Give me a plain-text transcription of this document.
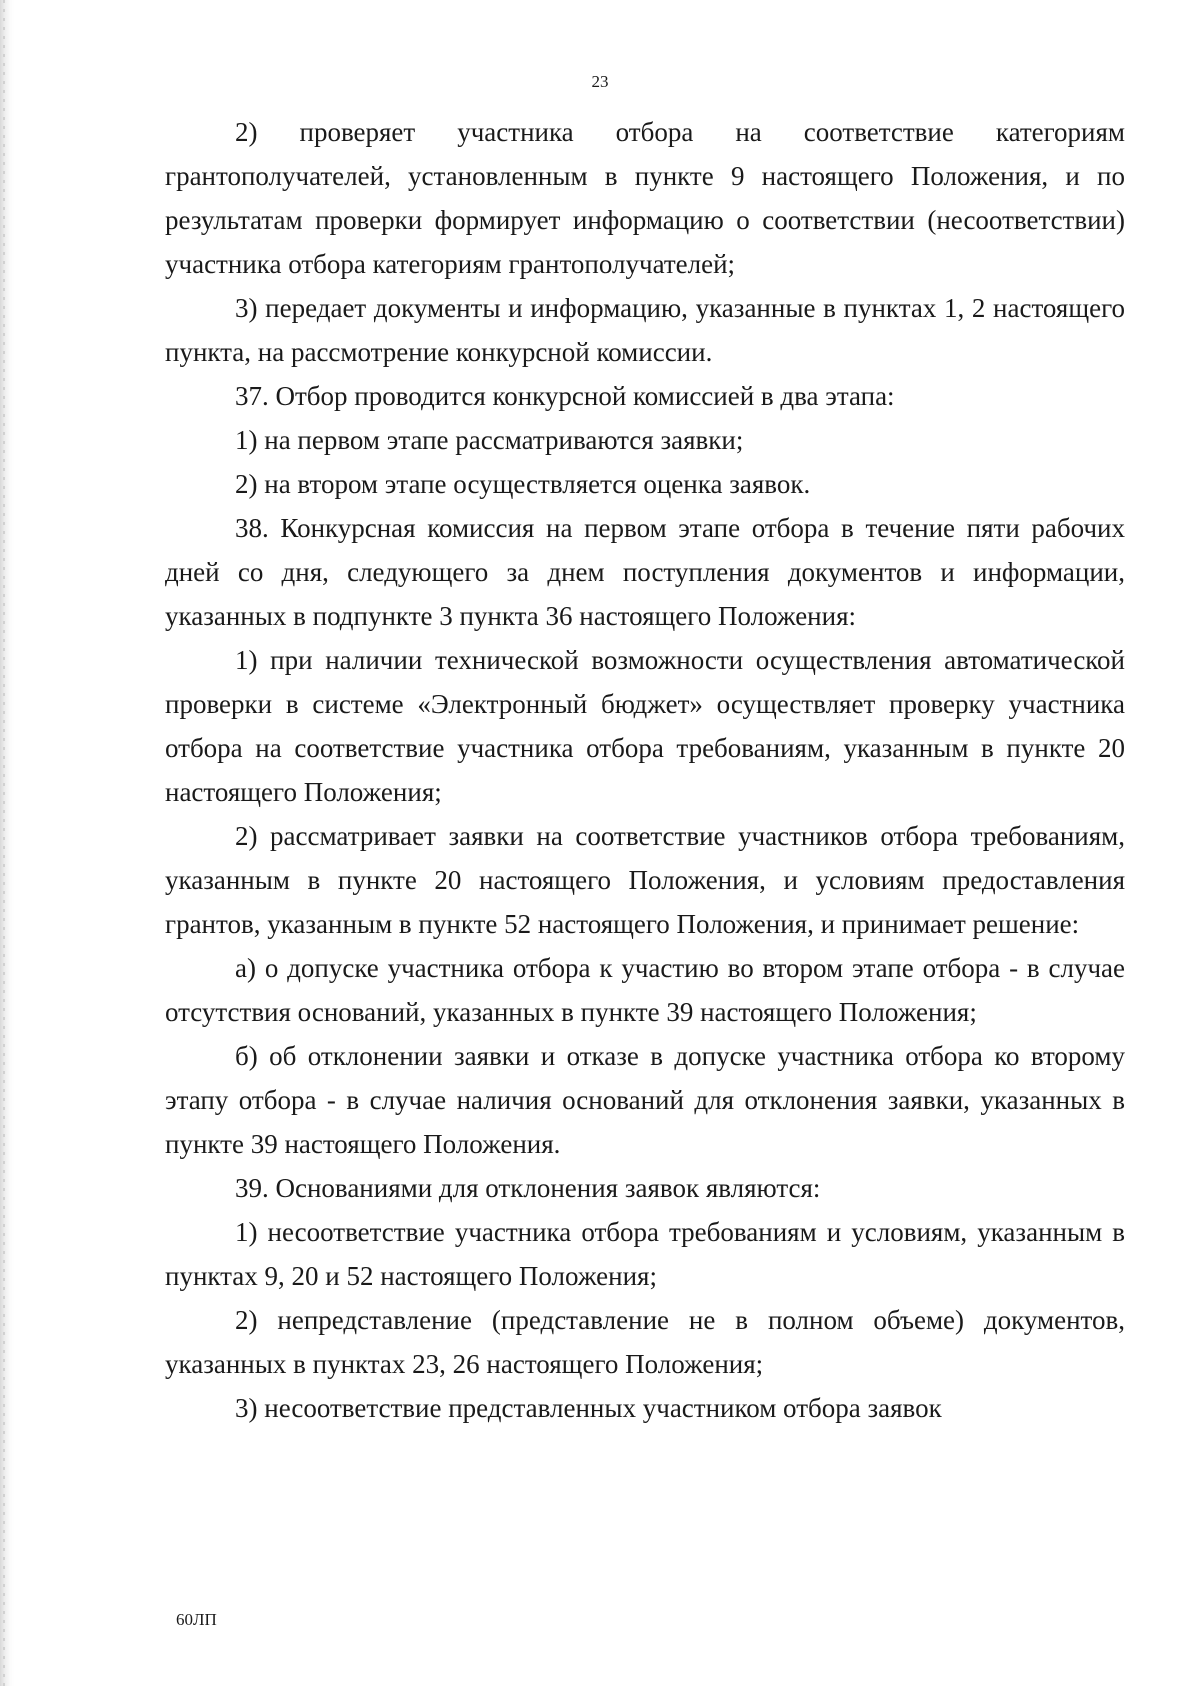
23

2) проверяет участника отбора на соответствие категориям грантополучателей, установленным в пункте 9 настоящего Положения, и по результатам проверки формирует информацию о соответствии (несоответствии) участника отбора категориям грантополучателей;

3) передает документы и информацию, указанные в пунктах 1, 2 настоящего пункта, на рассмотрение конкурсной комиссии.

37. Отбор проводится конкурсной комиссией в два этапа:

1) на первом этапе рассматриваются заявки;

2) на втором этапе осуществляется оценка заявок.

38. Конкурсная комиссия на первом этапе отбора в течение пяти рабочих дней со дня, следующего за днем поступления документов и информации, указанных в подпункте 3 пункта 36 настоящего Положения:

1) при наличии технической возможности осуществления автоматической проверки в системе «Электронный бюджет» осуществляет проверку участника отбора на соответствие участника отбора требованиям, указанным в пункте 20 настоящего Положения;

2) рассматривает заявки на соответствие участников отбора требованиям, указанным в пункте 20 настоящего Положения, и условиям предоставления грантов, указанным в пункте 52 настоящего Положения, и принимает решение:

а) о допуске участника отбора к участию во втором этапе отбора - в случае отсутствия оснований, указанных в пункте 39 настоящего Положения;

б) об отклонении заявки и отказе в допуске участника отбора ко второму этапу отбора - в случае наличия оснований для отклонения заявки, указанных в пункте 39 настоящего Положения.

39. Основаниями для отклонения заявок являются:

1) несоответствие участника отбора требованиям и условиям, указанным в пунктах 9, 20 и 52 настоящего Положения;

2) непредставление (представление не в полном объеме) документов, указанных в пунктах 23, 26 настоящего Положения;

3) несоответствие представленных участником отбора заявок

60ЛП
